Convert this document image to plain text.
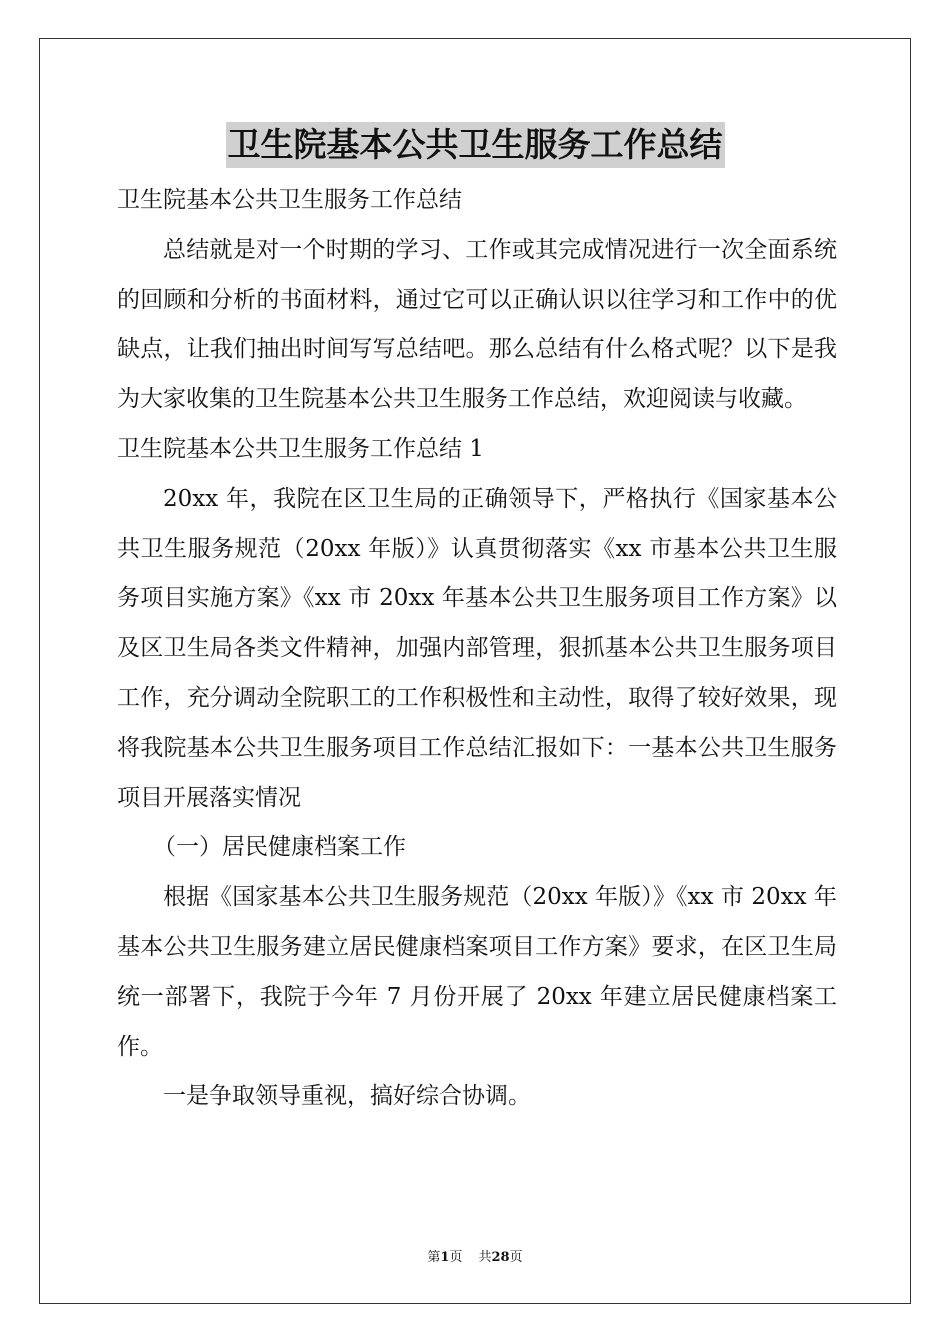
卫生院基本公共卫生服务工作总结

卫生院基本公共卫生服务工作总结

总结就是对一个时期的学习、工作或其完成情况进行一次全面系统的回顾和分析的书面材料，通过它可以正确认识以往学习和工作中的优缺点，让我们抽出时间写写总结吧。那么总结有什么格式呢？以下是我为大家收集的卫生院基本公共卫生服务工作总结，欢迎阅读与收藏。

卫生院基本公共卫生服务工作总结 1

20xx 年，我院在区卫生局的正确领导下，严格执行《国家基本公共卫生服务规范（20xx 年版）》认真贯彻落实《xx 市基本公共卫生服务项目实施方案》《xx 市 20xx 年基本公共卫生服务项目工作方案》以及区卫生局各类文件精神，加强内部管理，狠抓基本公共卫生服务项目工作，充分调动全院职工的工作积极性和主动性，取得了较好效果，现将我院基本公共卫生服务项目工作总结汇报如下：一基本公共卫生服务项目开展落实情况

（一）居民健康档案工作

根据《国家基本公共卫生服务规范（20xx 年版）》《xx 市 20xx 年基本公共卫生服务建立居民健康档案项目工作方案》要求，在区卫生局统一部署下，我院于今年 7 月份开展了 20xx 年建立居民健康档案工作。

一是争取领导重视，搞好综合协调。

第1页 共28页
